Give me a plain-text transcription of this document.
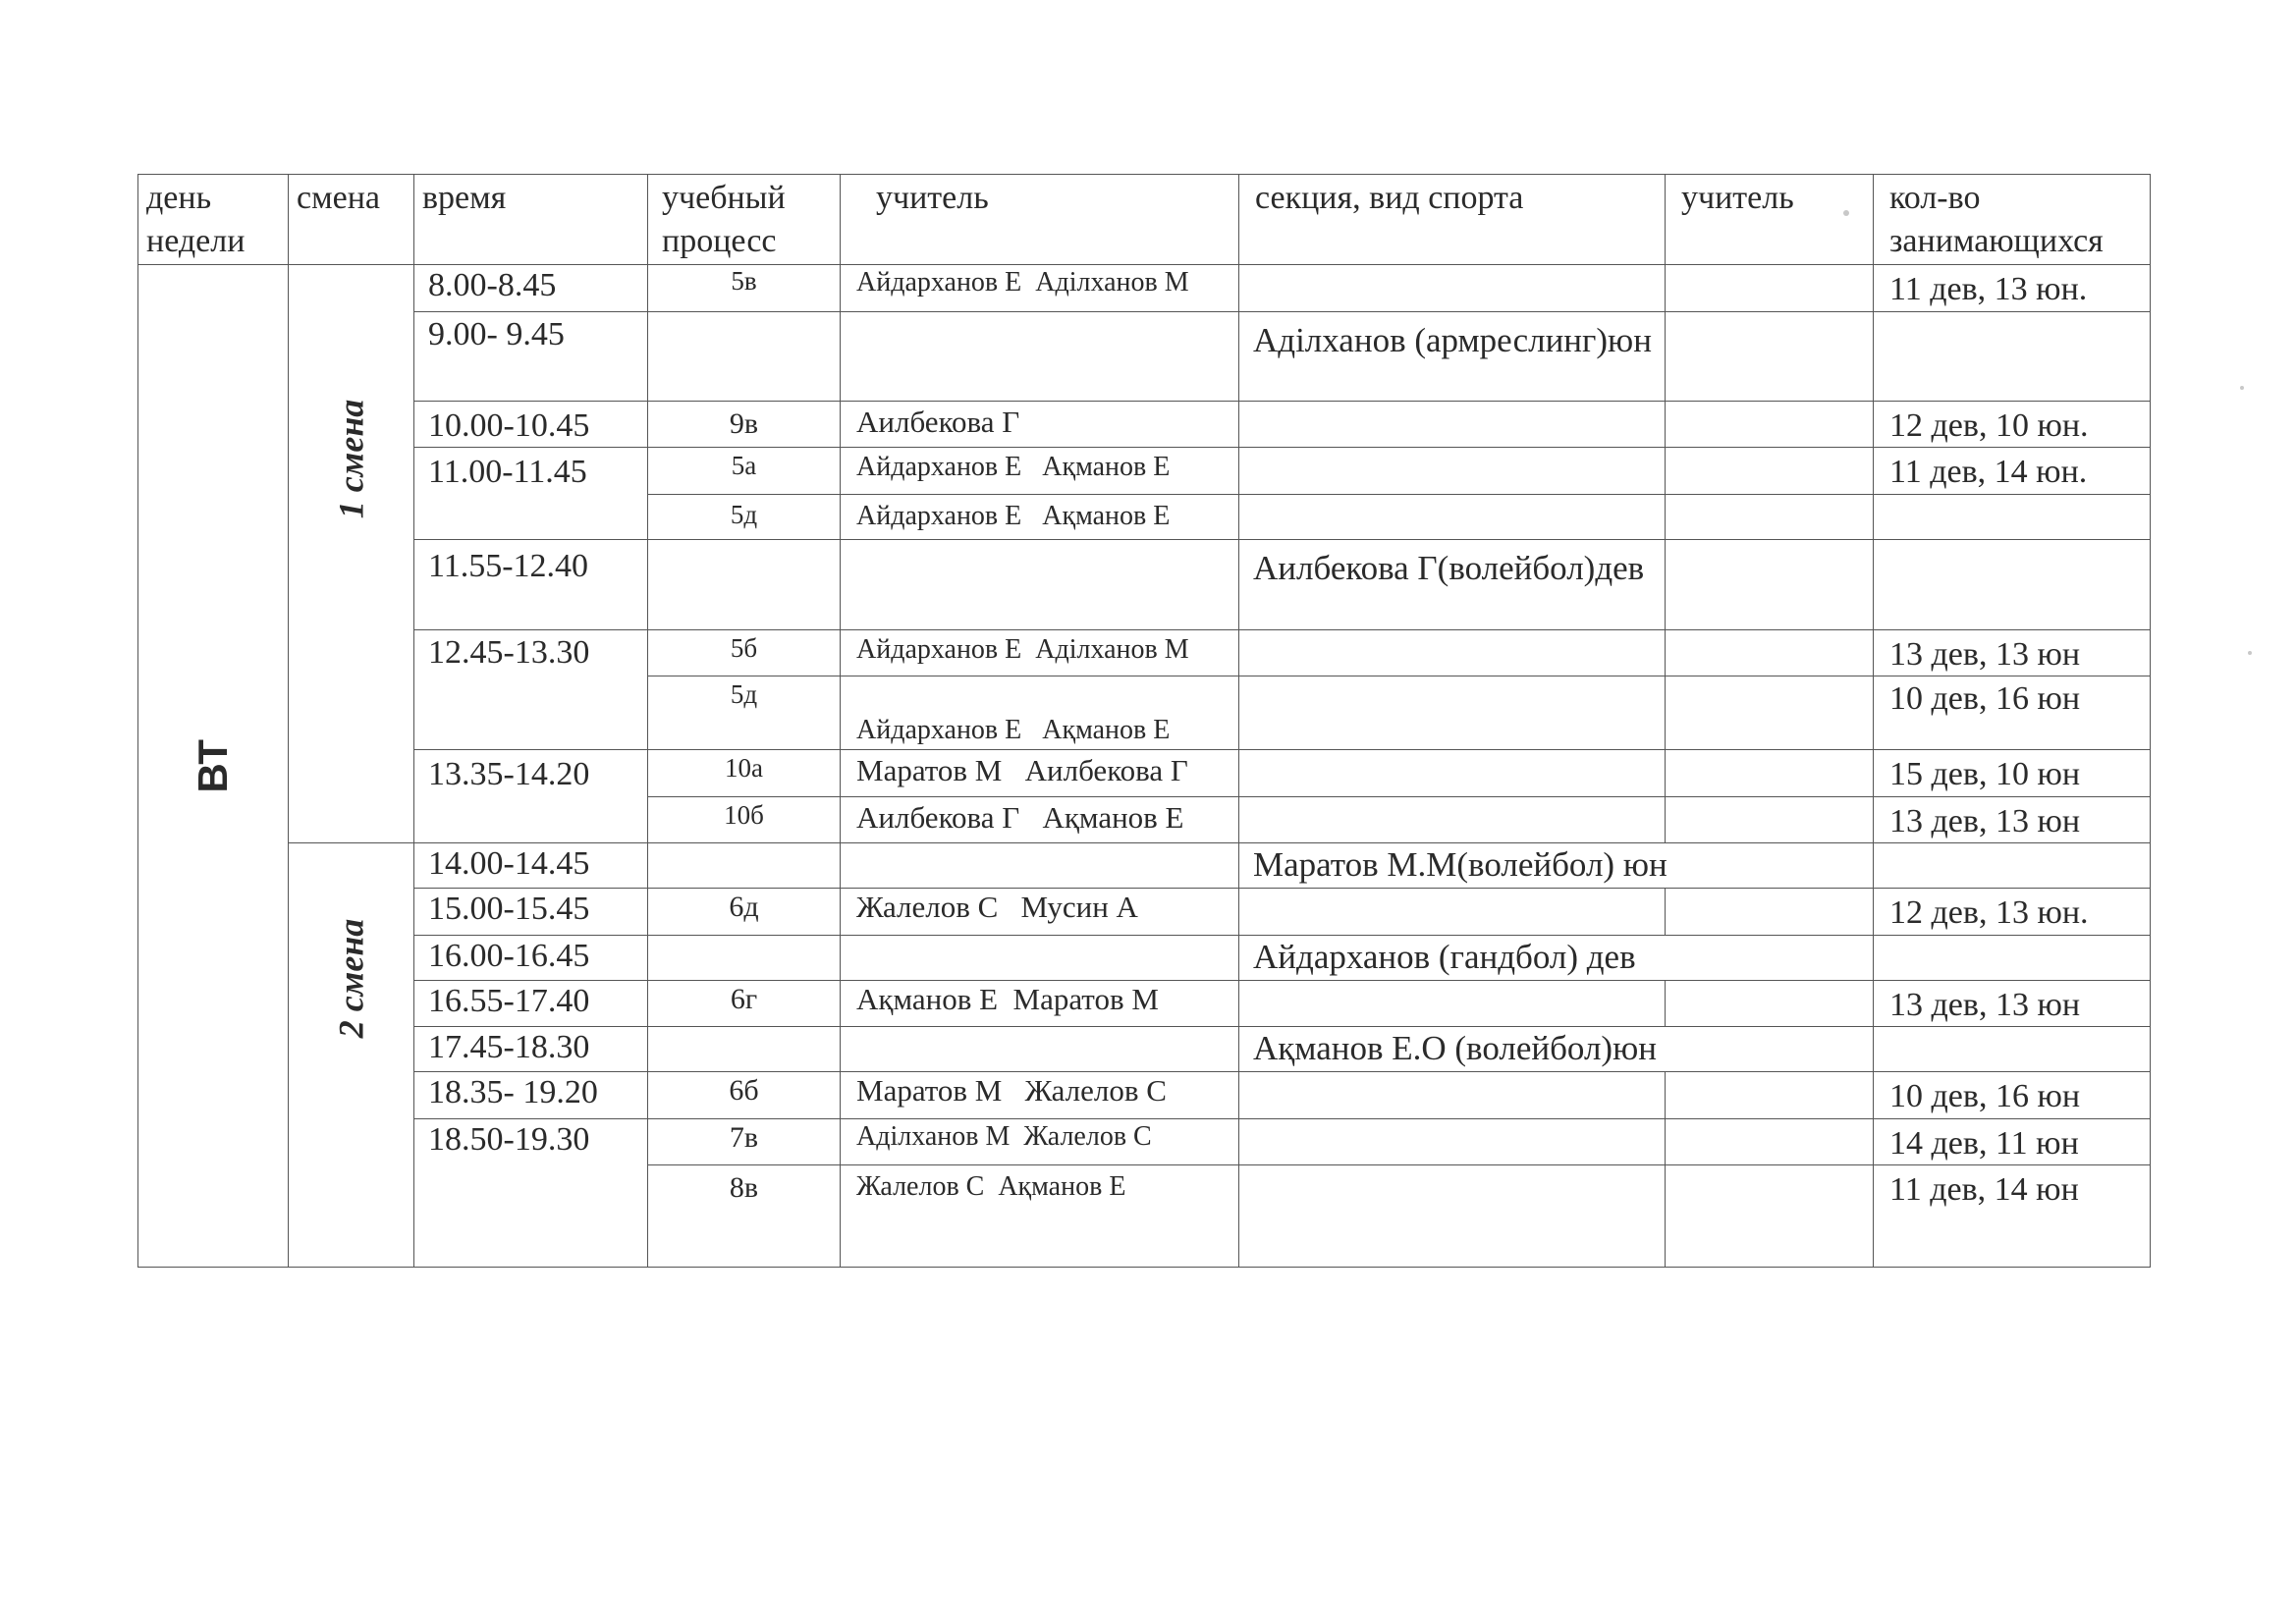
день недели	смена	время	учебный процесс	учитель	секция, вид спорта	учитель	кол-во занимающихся
ВТ	1 смена	8.00-8.45	5в	Айдарханов Е  Аділханов М			11 дев, 13 юн.
		9.00- 9.45			Аділханов (армреслинг)юн		
		10.00-10.45	9в	Аилбекова Г			12 дев, 10 юн.
		11.00-11.45	5а	Айдарханов Е   Ақманов Е			11 дев, 14 юн.
			5д	Айдарханов Е   Ақманов Е			
		11.55-12.40			Аилбекова Г(волейбол)дев		
		12.45-13.30	5б	Айдарханов Е  Аділханов М			13 дев, 13 юн
			5д	Айдарханов Е   Ақманов Е			10 дев, 16 юн
		13.35-14.20	10а	Маратов М   Аилбекова Г			15 дев, 10 юн
			10б	Аилбекова Г   Ақманов Е			13 дев, 13 юн
	2 смена	14.00-14.45			Маратов М.М(волейбол) юн		
		15.00-15.45	6д	Жалелов С   Мусин А			12 дев, 13 юн.
		16.00-16.45			Айдарханов (гандбол) дев		
		16.55-17.40	6г	Ақманов Е  Маратов М			13 дев, 13 юн
		17.45-18.30			Ақманов Е.О (волейбол)юн		
		18.35- 19.20	6б	Маратов М   Жалелов С			10 дев, 16 юн
		18.50-19.30	7в	Аділханов М  Жалелов С			14 дев, 11 юн
			8в	Жалелов С  Ақманов Е			11 дев, 14 юн
